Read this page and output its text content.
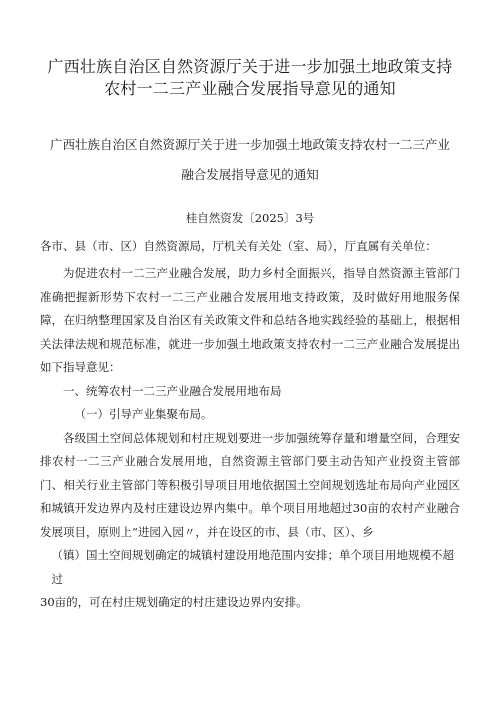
广西壮族自治区自然资源厅关于进一步加强土地政策支持农村一二三产业融合发展指导意见的通知
广西壮族自治区自然资源厅关于进一步加强土地政策支持农村一二三产业融合发展指导意见的通知

桂自然资发〔2025〕3号

各市、县（市、区）自然资源局，厅机关有关处（室、局），厅直属有关单位：

为促进农村一二三产业融合发展，助力乡村全面振兴，指导自然资源主管部门准确把握新形势下农村一二三产业融合发展用地支持政策，及时做好用地服务保障，在归纳整理国家及自治区有关政策文件和总结各地实践经验的基础上，根据相关法律法规和规范标准，就进一步加强土地政策支持农村一二三产业融合发展提出如下指导意见：

一、统筹农村一二三产业融合发展用地布局

（一）引导产业集聚布局。

各级国土空间总体规划和村庄规划要进一步加强统筹存量和增量空间，合理安排农村一二三产业融合发展用地，自然资源主管部门要主动告知产业投资主管部门、相关行业主管部门等积极引导项目用地依据国土空间规划选址布局向产业园区和城镇开发边界内及村庄建设边界内集中。单个项目用地超过30亩的农村产业融合发展项目，原则上“进园入园〃，并在设区的市、县（市、区）、乡

（镇）国土空间规划确定的城镇村建设用地范围内安排；单个项目用地规模不超过
30亩的，可在村庄规划确定的村庄建设边界内安排。
